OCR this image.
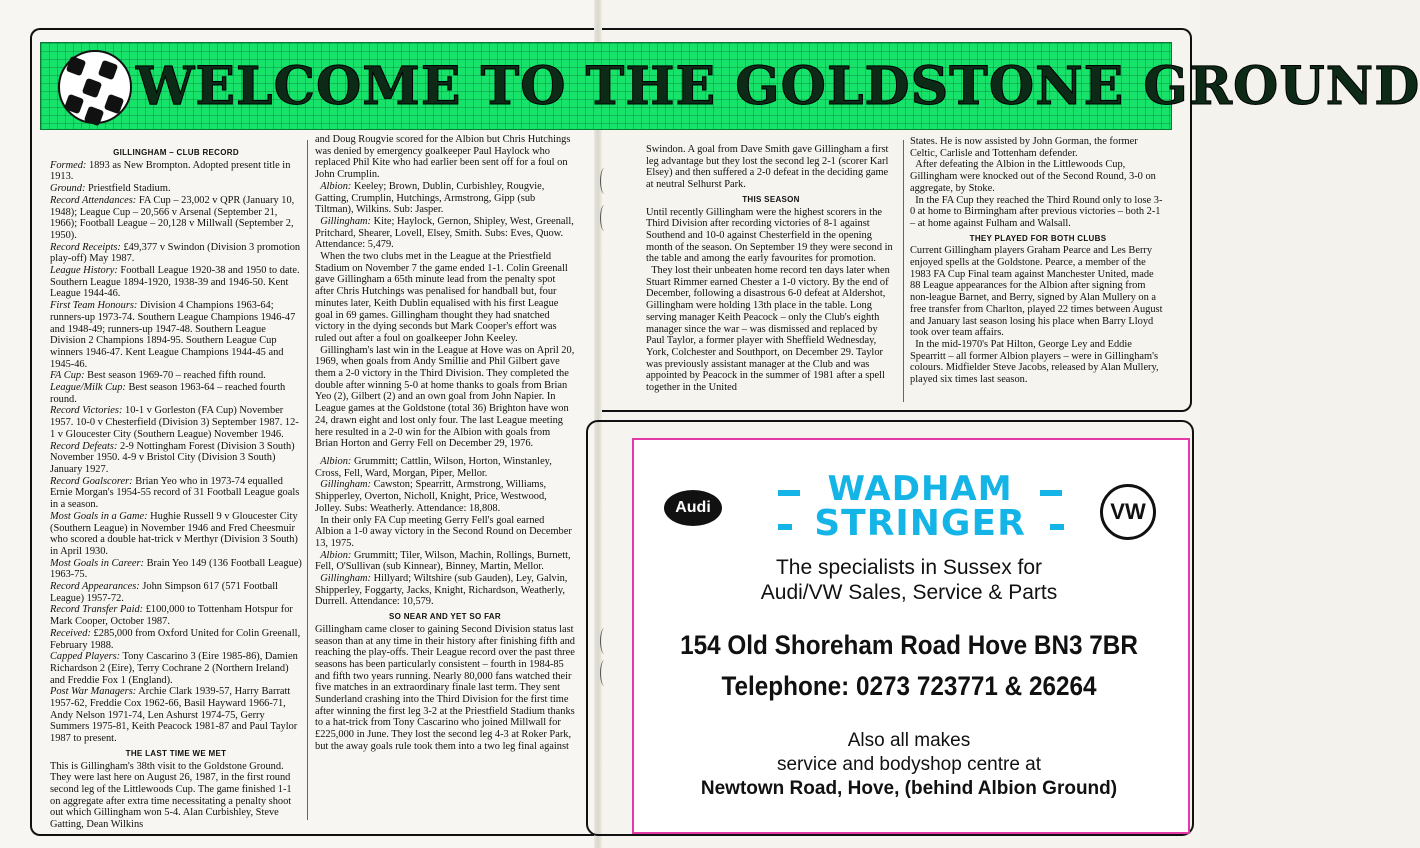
WELCOME TO THE GOLDSTONE GROUND
GILLINGHAM – CLUB RECORD

Formed: 1893 as New Brompton. Adopted present title in 1913.

Ground: Priestfield Stadium.

Record Attendances: FA Cup – 23,002 v QPR (January 10, 1948); League Cup – 20,566 v Arsenal (September 21, 1966); Football League – 20,128 v Millwall (September 2, 1950).

Record Receipts: £49,377 v Swindon (Division 3 promotion play-off) May 1987.

League History: Football League 1920-38 and 1950 to date. Southern League 1894-1920, 1938-39 and 1946-50. Kent League 1944-46.

First Team Honours: Division 4 Champions 1963-64; runners-up 1973-74. Southern League Champions 1946-47 and 1948-49; runners-up 1947-48. Southern League Division 2 Champions 1894-95. Southern League Cup winners 1946-47. Kent League Champions 1944-45 and 1945-46.

FA Cup: Best season 1969-70 – reached fifth round.

League/Milk Cup: Best season 1963-64 – reached fourth round.

Record Victories: 10-1 v Gorleston (FA Cup) November 1957. 10-0 v Chesterfield (Division 3) September 1987. 12-1 v Gloucester City (Southern League) November 1946.

Record Defeats: 2-9 Nottingham Forest (Division 3 South) November 1950. 4-9 v Bristol City (Division 3 South) January 1927.

Record Goalscorer: Brian Yeo who in 1973-74 equalled Ernie Morgan's 1954-55 record of 31 Football League goals in a season.

Most Goals in a Game: Hughie Russell 9 v Gloucester City (Southern League) in November 1946 and Fred Cheesmuir who scored a double hat-trick v Merthyr (Division 3 South) in April 1930.

Most Goals in Career: Brain Yeo 149 (136 Football League) 1963-75.

Record Appearances: John Simpson 617 (571 Football League) 1957-72.

Record Transfer Paid: £100,000 to Tottenham Hotspur for Mark Cooper, October 1987.

Received: £285,000 from Oxford United for Colin Greenall, February 1988.

Capped Players: Tony Cascarino 3 (Eire 1985-86), Damien Richardson 2 (Eire), Terry Cochrane 2 (Northern Ireland) and Freddie Fox 1 (England).

Post War Managers: Archie Clark 1939-57, Harry Barratt 1957-62, Freddie Cox 1962-66, Basil Hayward 1966-71, Andy Nelson 1971-74, Len Ashurst 1974-75, Gerry Summers 1975-81, Keith Peacock 1981-87 and Paul Taylor 1987 to present.

THE LAST TIME WE MET

This is Gillingham's 38th visit to the Goldstone Ground. They were last here on August 26, 1987, in the first round second leg of the Littlewoods Cup. The game finished 1-1 on aggregate after extra time necessitating a penalty shoot out which Gillingham won 5-4. Alan Curbishley, Steve Gatting, Dean Wilkins

and Doug Rougvie scored for the Albion but Chris Hutchings was denied by emergency goalkeeper Paul Haylock who replaced Phil Kite who had earlier been sent off for a foul on John Crumplin.

Albion: Keeley; Brown, Dublin, Curbishley, Rougvie, Gatting, Crumplin, Hutchings, Armstrong, Gipp (sub Tiltman), Wilkins. Sub: Jasper.

Gillingham: Kite; Haylock, Gernon, Shipley, West, Greenall, Pritchard, Shearer, Lovell, Elsey, Smith. Subs: Eves, Quow. Attendance: 5,479.

When the two clubs met in the League at the Priestfield Stadium on November 7 the game ended 1-1. Colin Greenall gave Gillingham a 65th minute lead from the penalty spot after Chris Hutchings was penalised for handball but, four minutes later, Keith Dublin equalised with his first League goal in 69 games. Gillingham thought they had snatched victory in the dying seconds but Mark Cooper's effort was ruled out after a foul on goalkeeper John Keeley.

Gillingham's last win in the League at Hove was on April 20, 1969, when goals from Andy Smillie and Phil Gilbert gave them a 2-0 victory in the Third Division. They completed the double after winning 5-0 at home thanks to goals from Brian Yeo (2), Gilbert (2) and an own goal from John Napier. In League games at the Goldstone (total 36) Brighton have won 24, drawn eight and lost only four. The last League meeting here resulted in a 2-0 win for the Albion with goals from Brian Horton and Gerry Fell on December 29, 1976.

Albion: Grummitt; Cattlin, Wilson, Horton, Winstanley, Cross, Fell, Ward, Morgan, Piper, Mellor.

Gillingham: Cawston; Spearritt, Armstrong, Williams, Shipperley, Overton, Nicholl, Knight, Price, Westwood, Jolley. Subs: Weatherly. Attendance: 18,808.

In their only FA Cup meeting Gerry Fell's goal earned Albion a 1-0 away victory in the Second Round on December 13, 1975.

Albion: Grummitt; Tiler, Wilson, Machin, Rollings, Burnett, Fell, O'Sullivan (sub Kinnear), Binney, Martin, Mellor.

Gillingham: Hillyard; Wiltshire (sub Gauden), Ley, Galvin, Shipperley, Foggarty, Jacks, Knight, Richardson, Weatherly, Durrell. Attendance: 10,579.

SO NEAR AND YET SO FAR

Gillingham came closer to gaining Second Division status last season than at any time in their history after finishing fifth and reaching the play-offs. Their League record over the past three seasons has been particularly consistent – fourth in 1984-85 and fifth two years running. Nearly 80,000 fans watched their five matches in an extraordinary finale last term. They sent Sunderland crashing into the Third Division for the first time after winning the first leg 3-2 at the Priestfield Stadium thanks to a hat-trick from Tony Cascarino who joined Millwall for £225,000 in June. They lost the second leg 4-3 at Roker Park, but the away goals rule took them into a two leg final against

Swindon. A goal from Dave Smith gave Gillingham a first leg advantage but they lost the second leg 2-1 (scorer Karl Elsey) and then suffered a 2-0 defeat in the deciding game at neutral Selhurst Park.

THIS SEASON

Until recently Gillingham were the highest scorers in the Third Division after recording victories of 8-1 against Southend and 10-0 against Chesterfield in the opening month of the season. On September 19 they were second in the table and among the early favourites for promotion.

They lost their unbeaten home record ten days later when Stuart Rimmer earned Chester a 1-0 victory. By the end of December, following a disastrous 6-0 defeat at Aldershot, Gillingham were holding 13th place in the table. Long serving manager Keith Peacock – only the Club's eighth manager since the war – was dismissed and replaced by Paul Taylor, a former player with Sheffield Wednesday, York, Colchester and Southport, on December 29. Taylor was previously assistant manager at the Club and was appointed by Peacock in the summer of 1981 after a spell together in the United

States. He is now assisted by John Gorman, the former Celtic, Carlisle and Tottenham defender.

After defeating the Albion in the Littlewoods Cup, Gillingham were knocked out of the Second Round, 3-0 on aggregate, by Stoke.

In the FA Cup they reached the Third Round only to lose 3-0 at home to Birmingham after previous victories – both 2-1 – at home against Fulham and Walsall.

THEY PLAYED FOR BOTH CLUBS

Current Gillingham players Graham Pearce and Les Berry enjoyed spells at the Goldstone. Pearce, a member of the 1983 FA Cup Final team against Manchester United, made 88 League appearances for the Albion after signing from non-league Barnet, and Berry, signed by Alan Mullery on a free transfer from Charlton, played 22 times between August and January last season losing his place when Barry Lloyd took over team affairs.

In the mid-1970's Pat Hilton, George Ley and Eddie Spearritt – all former Albion players – were in Gillingham's colours. Midfielder Steve Jacobs, released by Alan Mullery, played six times last season.

Audi	VW
WADHAM
STRINGER
The specialists in Sussex for
Audi/VW Sales, Service & Parts
154 Old Shoreham Road Hove BN3 7BR
Telephone: 0273 723771 & 26264
Also all makes
service and bodyshop centre at
Newtown Road, Hove, (behind Albion Ground)
